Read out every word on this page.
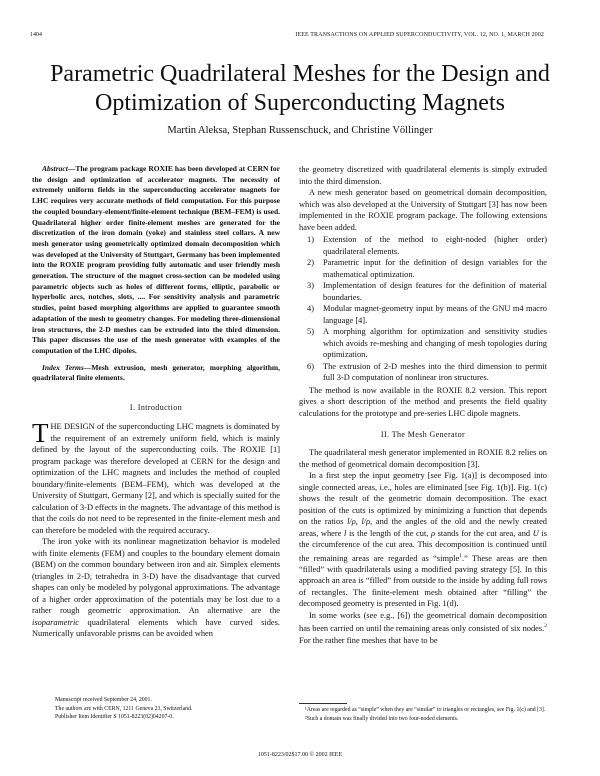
1404	IEEE TRANSACTIONS ON APPLIED SUPERCONDUCTIVITY, VOL. 12, NO. 1, MARCH 2002
Parametric Quadrilateral Meshes for the Design and
Optimization of Superconducting Magnets
Martin Aleksa, Stephan Russenschuck, and Christine Völlinger

Abstract—The program package ROXIE has been developed at CERN for the design and optimization of accelerator magnets. The necessity of extremely uniform fields in the superconducting accelerator magnets for LHC requires very accurate methods of field computation. For this purpose the coupled boundary-element/finite-element technique (BEM–FEM) is used. Quadrilateral higher order finite-element meshes are generated for the discretization of the iron domain (yoke) and stainless steel collars. A new mesh generator using geometrically optimized domain decomposition which was developed at the University of Stuttgart, Germany has been implemented into the ROXIE program providing fully automatic and user friendly mesh generation. The structure of the magnet cross-section can be modeled using parametric objects such as holes of different forms, elliptic, parabolic or hyperbolic arcs, notches, slots, .... For sensitivity analysis and parametric studies, point based morphing algorithms are applied to guarantee smooth adaptation of the mesh to geometry changes. For modeling three-dimensional iron structures, the 2-D meshes can be extruded into the third dimension. This paper discusses the use of the mesh generator with examples of the computation of the LHC dipoles.

Index Terms—Mesh extrusion, mesh generator, morphing algorithm, quadrilateral finite elements.

I. Introduction

THE DESIGN of the superconducting LHC magnets is dominated by the requirement of an extremely uniform field, which is mainly defined by the layout of the superconducting coils. The ROXIE [1] program package was therefore developed at CERN for the design and optimization of the LHC magnets and includes the method of coupled boundary/finite-elements (BEM–FEM), which was developed at the University of Stuttgart, Germany [2], and which is specially suited for the calculation of 3-D effects in the magnets. The advantage of this method is that the coils do not need to be represented in the finite-element mesh and can therefore be modeled with the required accuracy.

The iron yoke with its nonlinear magnetization behavior is modeled with finite elements (FEM) and couples to the boundary element domain (BEM) on the common boundary between iron and air. Simplex elements (triangles in 2-D, tetrahedra in 3-D) have the disadvantage that curved shapes can only be modeled by polygonal approximations. The advantage of a higher order approximation of the potentials may be lost due to a rather rough geometric approximation. An alternative are the isoparametric quadrilateral elements which have curved sides. Numerically unfavorable prisms can be avoided when

the geometry discretized with quadrilateral elements is simply extruded into the third dimension.

A new mesh generator based on geometrical domain decomposition, which was also developed at the University of Stuttgart [3] has now been implemented in the ROXIE program package. The following extensions have been added.

1) Extension of the method to eight-noded (higher order) quadrilateral elements.
2) Parametric input for the definition of design variables for the mathematical optimization.
3) Implementation of design features for the definition of material boundaries.
4) Modular magnet-geometry input by means of the GNU m4 macro language [4].
5) A morphing algorithm for optimization and sensitivity studies which avoids re-meshing and changing of mesh topologies during optimization.
6) The extrusion of 2-D meshes into the third dimension to permit full 3-D computation of nonlinear iron structures.

The method is now available in the ROXIE 8.2 version. This report gives a short description of the method and presents the field quality calculations for the prototype and pre-series LHC dipole magnets.

II. The Mesh Generator

The quadrilateral mesh generator implemented in ROXIE 8.2 relies on the method of geometrical domain decomposition [3].

In a first step the input geometry [see Fig. 1(a)] is decomposed into single connected areas, i.e., holes are eliminated [see Fig. 1(b)]. Fig. 1(c) shows the result of the geometric domain decomposition. The exact position of the cuts is optimized by minimizing a function that depends on the ratios l/ρ, l/ρ, and the angles of the old and the newly created areas, where l is the length of the cut, ρ stands for the cut area, and U is the circumference of the cut area. This decomposition is continued until the remaining areas are regarded as “simple$^1$.” These areas are then “filled” with quadrilaterals using a modified paving strategy [5]. In this approach an area is “filled” from outside to the inside by adding full rows of rectangles. The finite-element mesh obtained after “filling” the decomposed geometry is presented in Fig. 1(d).

In some works (see e.g., [6]) the geometrical domain decomposition has been carried on until the remaining areas only consisted of six nodes.$^2$ For the rather fine meshes that have to be

Manuscript received September 24, 2001.
The authors are with CERN, 1211 Geneva 23, Switzerland.
Publisher Item Identifier S 1051-8223(02)04207-0.
¹Areas are regarded as “simple” when they are “similar” to triangles or rectangles, see Fig. 1(c) and [3].
²Such a domain was finally divided into two four-noded elements.
1051-8223/02$17.00 © 2002 IEEE
